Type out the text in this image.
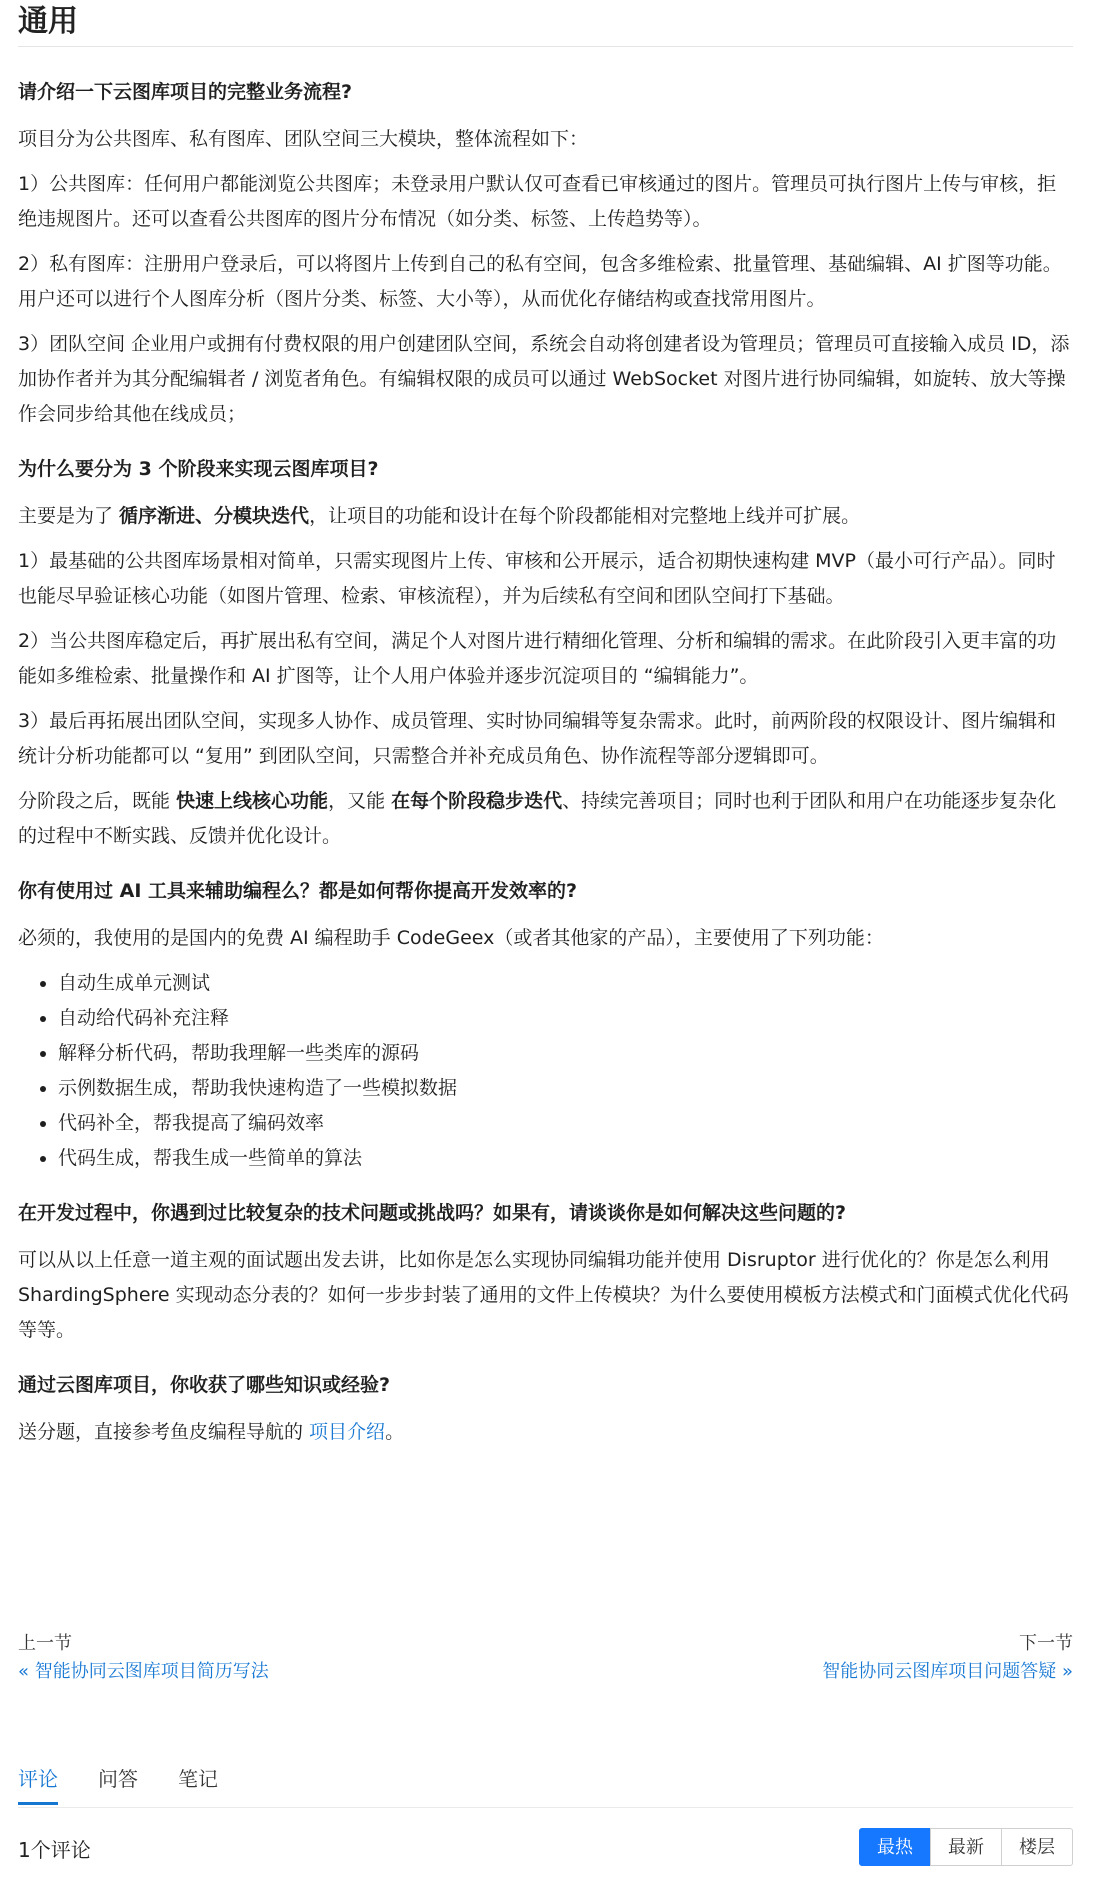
通用
请介绍一下云图库项目的完整业务流程?

项目分为公共图库、私有图库、团队空间三大模块，整体流程如下：

1）公共图库：任何用户都能浏览公共图库；未登录用户默认仅可查看已审核通过的图片。管理员可执行图片上传与审核，拒绝违规图片。还可以查看公共图库的图片分布情况（如分类、标签、上传趋势等）。

2）私有图库：注册用户登录后，可以将图片上传到自己的私有空间，包含多维检索、批量管理、基础编辑、AI 扩图等功能。用户还可以进行个人图库分析（图片分类、标签、大小等），从而优化存储结构或查找常用图片。

3）团队空间 企业用户或拥有付费权限的用户创建团队空间，系统会自动将创建者设为管理员；管理员可直接输入成员 ID，添加协作者并为其分配编辑者 / 浏览者角色。有编辑权限的成员可以通过 WebSocket 对图片进行协同编辑，如旋转、放大等操作会同步给其他在线成员；

为什么要分为 3 个阶段来实现云图库项目?

主要是为了 循序渐进、分模块迭代，让项目的功能和设计在每个阶段都能相对完整地上线并可扩展。

1）最基础的公共图库场景相对简单，只需实现图片上传、审核和公开展示，适合初期快速构建 MVP（最小可行产品）。同时也能尽早验证核心功能（如图片管理、检索、审核流程），并为后续私有空间和团队空间打下基础。

2）当公共图库稳定后，再扩展出私有空间，满足个人对图片进行精细化管理、分析和编辑的需求。在此阶段引入更丰富的功能如多维检索、批量操作和 AI 扩图等，让个人用户体验并逐步沉淀项目的 “编辑能力”。

3）最后再拓展出团队空间，实现多人协作、成员管理、实时协同编辑等复杂需求。此时，前两阶段的权限设计、图片编辑和统计分析功能都可以 “复用” 到团队空间，只需整合并补充成员角色、协作流程等部分逻辑即可。

分阶段之后，既能 快速上线核心功能，又能 在每个阶段稳步迭代、持续完善项目；同时也利于团队和用户在功能逐步复杂化的过程中不断实践、反馈并优化设计。

你有使用过 AI 工具来辅助编程么？都是如何帮你提高开发效率的?

必须的，我使用的是国内的免费 AI 编程助手 CodeGeex（或者其他家的产品），主要使用了下列功能：

• 自动生成单元测试
• 自动给代码补充注释
• 解释分析代码，帮助我理解一些类库的源码
• 示例数据生成，帮助我快速构造了一些模拟数据
• 代码补全，帮我提高了编码效率
• 代码生成，帮我生成一些简单的算法
在开发过程中，你遇到过比较复杂的技术问题或挑战吗？如果有，请谈谈你是如何解决这些问题的?

可以从以上任意一道主观的面试题出发去讲，比如你是怎么实现协同编辑功能并使用 Disruptor 进行优化的？你是怎么利用 ShardingSphere 实现动态分表的？如何一步步封装了通用的文件上传模块？为什么要使用模板方法模式和门面模式优化代码等等。

通过云图库项目，你收获了哪些知识或经验?

送分题，直接参考鱼皮编程导航的 项目介绍。

上一节
« 智能协同云图库项目简历写法
下一节
智能协同云图库项目问题答疑 »
评论 问答 笔记
1个评论	最热	最新	楼层
